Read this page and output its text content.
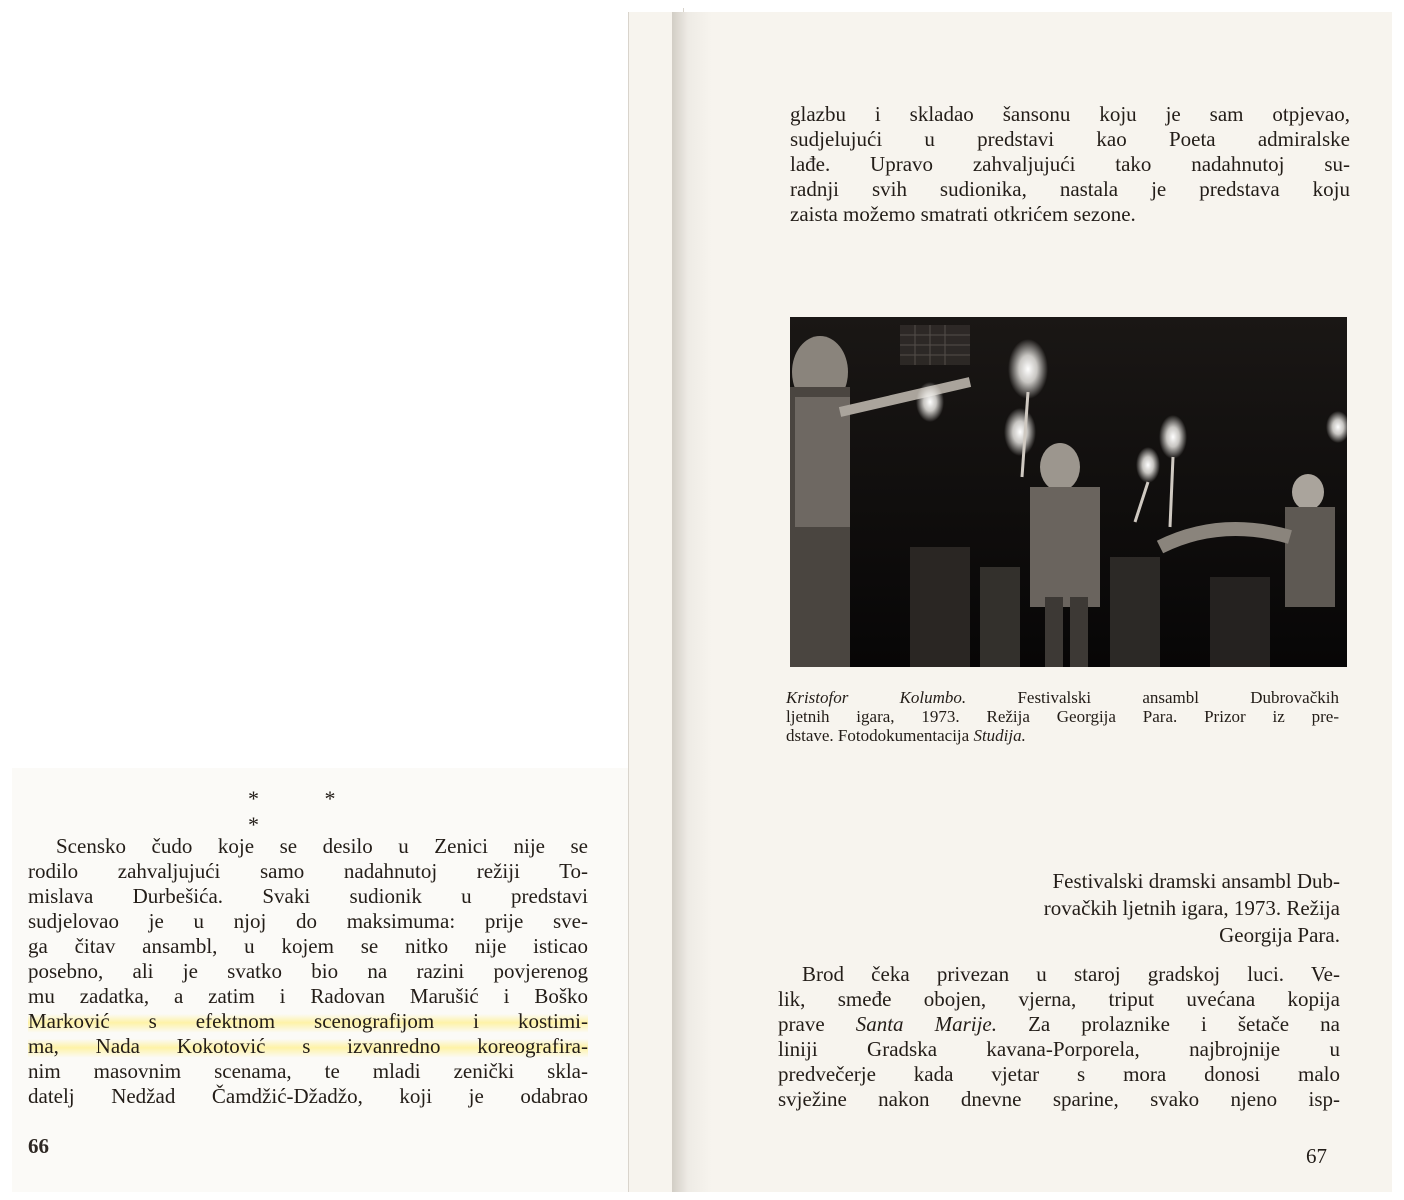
glazbu i skladao šansonu koju je sam otpjevao,
sudjelujući u predstavi kao Poeta admiralske
lađe. Upravo zahvaljujući tako nadahnutoj su-
radnji svih sudionika, nastala je predstava koju
zaista možemo smatrati otkrićem sezone.
Kristofor Kolumbo.	Festivalski ansambl Dubrovačkih
ljetnih igara, 1973. Režija Georgija Para. Prizor iz pre-
dstave. Fotodokumentacija Studija.
Festivalski dramski ansambl Dub-
rovačkih ljetnih igara, 1973. Režija
Georgija Para.
Brod čeka privezan u staroj gradskoj luci. Ve-
lik, smeđe obojen, vjerna, triput uvećana kopija
prave Santa Marije. Za prolaznike i šetače na
liniji Gradska kavana-Porporela, najbrojnije u
predvečerje kada vjetar s mora donosi malo
svježine nakon dnevne sparine, svako njeno isp-
* * *
Scensko čudo koje se desilo u Zenici nije se
rodilo zahvaljujući samo nadahnutoj režiji To-
mislava Durbešića. Svaki sudionik u predstavi
sudjelovao je u njoj do maksimuma: prije sve-
ga čitav ansambl, u kojem se nitko nije isticao
posebno, ali je svatko bio na razini povjerenog
mu zadatka, a zatim i Radovan Marušić i Boško
Marković s efektnom scenografijom i kostimi-
ma, Nada Kokotović s izvanredno koreografira-
nim masovnim scenama, te mladi zenički skla-
datelj Nedžad Čamdžić-Džadžo, koji je odabrao
66	67
